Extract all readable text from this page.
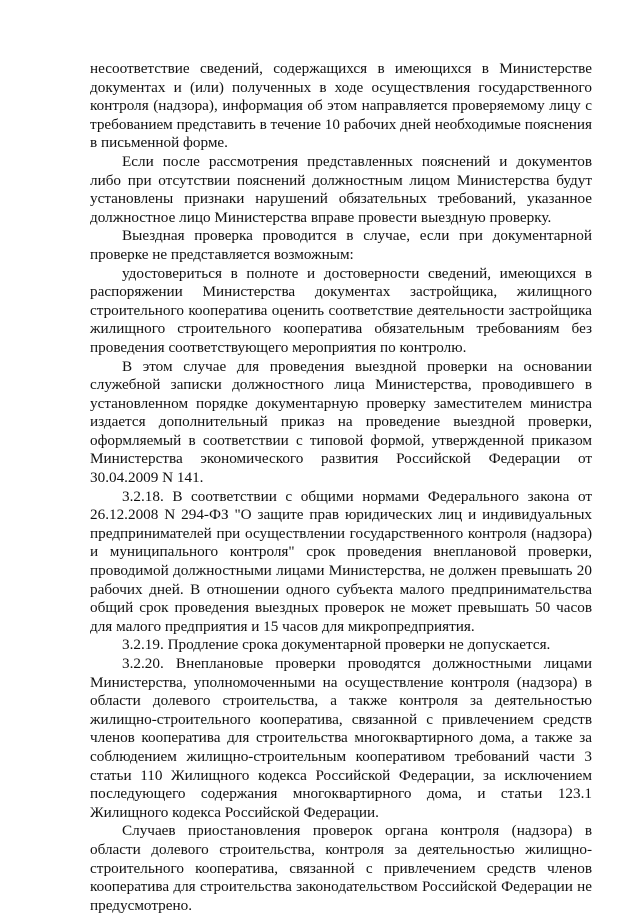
несоответствие сведений, содержащихся в имеющихся в Министерстве документах и (или) полученных в ходе осуществления государственного контроля (надзора), информация об этом направляется проверяемому лицу с требованием представить в течение 10 рабочих дней необходимые пояснения в письменной форме.

Если после рассмотрения представленных пояснений и документов либо при отсутствии пояснений должностным лицом Министерства будут установлены признаки нарушений обязательных требований, указанное должностное лицо Министерства вправе провести выездную проверку.

Выездная проверка проводится в случае, если при документарной проверке не представляется возможным:

удостовериться в полноте и достоверности сведений, имеющихся в распоряжении Министерства документах застройщика, жилищного строительного кооператива оценить соответствие деятельности застройщика жилищного строительного кооператива обязательным требованиям без проведения соответствующего мероприятия по контролю.

В этом случае для проведения выездной проверки на основании служебной записки должностного лица Министерства, проводившего в установленном порядке документарную проверку заместителем министра издается дополнительный приказ на проведение выездной проверки, оформляемый в соответствии с типовой формой, утвержденной приказом Министерства экономического развития Российской Федерации от 30.04.2009 N 141.

3.2.18. В соответствии с общими нормами Федерального закона от 26.12.2008 N 294-ФЗ "О защите прав юридических лиц и индивидуальных предпринимателей при осуществлении государственного контроля (надзора) и муниципального контроля" срок проведения внеплановой проверки, проводимой должностными лицами Министерства, не должен превышать 20 рабочих дней. В отношении одного субъекта малого предпринимательства общий срок проведения выездных проверок не может превышать 50 часов для малого предприятия и 15 часов для микропредприятия.

3.2.19. Продление срока документарной проверки не допускается.

3.2.20. Внеплановые проверки проводятся должностными лицами Министерства, уполномоченными на осуществление контроля (надзора) в области долевого строительства, а также контроля за деятельностью жилищно-строительного кооператива, связанной с привлечением средств членов кооператива для строительства многоквартирного дома, а также за соблюдением жилищно-строительным кооперативом требований части 3 статьи 110 Жилищного кодекса Российской Федерации, за исключением последующего содержания многоквартирного дома, и статьи 123.1 Жилищного кодекса Российской Федерации.

Случаев приостановления проверок органа контроля (надзора) в области долевого строительства, контроля за деятельностью жилищно-строительного кооператива, связанной с привлечением средств членов кооператива для строительства законодательством Российской Федерации не предусмотрено.
